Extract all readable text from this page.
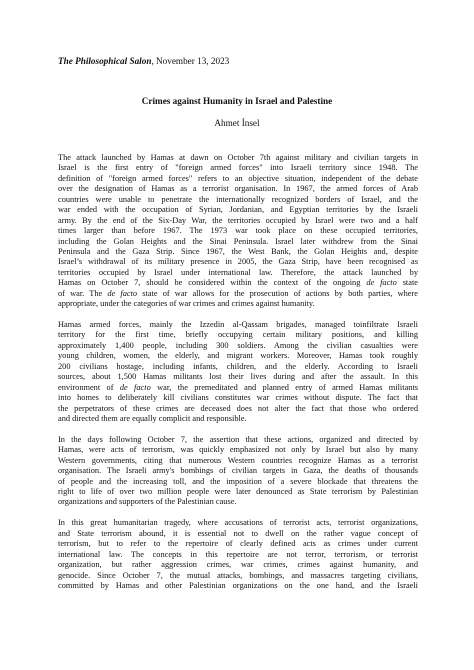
The Philosophical Salon, November 13, 2023
Crimes against Humanity in Israel and Palestine
Ahmet İnsel
The attack launched by Hamas at dawn on October 7th against military and civilian targets in
Israel is the first entry of "foreign armed forces" into Israeli territory since 1948. The
definition of "foreign armed forces" refers to an objective situation, independent of the debate
over the designation of Hamas as a terrorist organisation. In 1967, the armed forces of Arab
countries were unable to penetrate the internationally recognized borders of Israel, and the
war ended with the occupation of Syrian, Jordanian, and Egyptian territories by the Israeli
army. By the end of the Six-Day War, the territories occupied by Israel were two and a half
times larger than before 1967. The 1973 war took place on these occupied territories,
including the Golan Heights and the Sinai Peninsula. Israel later withdrew from the Sinai
Peninsula and the Gaza Strip. Since 1967, the West Bank, the Golan Heights and, despite
Israel’s withdrawal of its military presence in 2005, the Gaza Strip, have been recognised as
territories occupied by Israel under international law. Therefore, the attack launched by
Hamas on October 7, should be considered within the context of the ongoing de facto state
of war. The de facto state of war allows for the prosecution of actions by both parties, where
appropriate, under the categories of war crimes and crimes against humanity.
Hamas armed forces, mainly the Izzedin al-Qassam brigades, managed toinfiltrate Israeli
territory for the first time, briefly occupying certain military positions, and killing
approximately 1,400 people, including 300 soldiers. Among the civilian casualties were
young children, women, the elderly, and migrant workers. Moreover, Hamas took roughly
200 civilians hostage, including infants, children, and the elderly. According to Israeli
sources, about 1,500 Hamas militants lost their lives during and after the assault. In this
environment of de facto war, the premeditated and planned entry of armed Hamas militants
into homes to deliberately kill civilians constitutes war crimes without dispute. The fact that
the perpetrators of these crimes are deceased does not alter the fact that those who ordered
and directed them are equally complicit and responsible.
In the days following October 7, the assertion that these actions, organized and directed by
Hamas, were acts of terrorism, was quickly emphasized not only by Israel but also by many
Western governments, citing that numerous Western countries recognize Hamas as a terrorist
organisation. The Israeli army's bombings of civilian targets in Gaza, the deaths of thousands
of people and the increasing toll, and the imposition of a severe blockade that threatens the
right to life of over two million people were later denounced as State terrorism by Palestinian
organizations and supporters of the Palestinian cause.
In this great humanitarian tragedy, where accusations of terrorist acts, terrorist organizations,
and State terrorism abound, it is essential not to dwell on the rather vague concept of
terrorism, but to refer to the repertoire of clearly defined acts as crimes under current
international law. The concepts in this repertoire are not terror, terrorism, or terrorist
organization, but rather aggression crimes, war crimes, crimes against humanity, and
genocide. Since October 7, the mutual attacks, bombings, and massacres targeting civilians,
committed by Hamas and other Palestinian organizations on the one hand, and the Israeli
